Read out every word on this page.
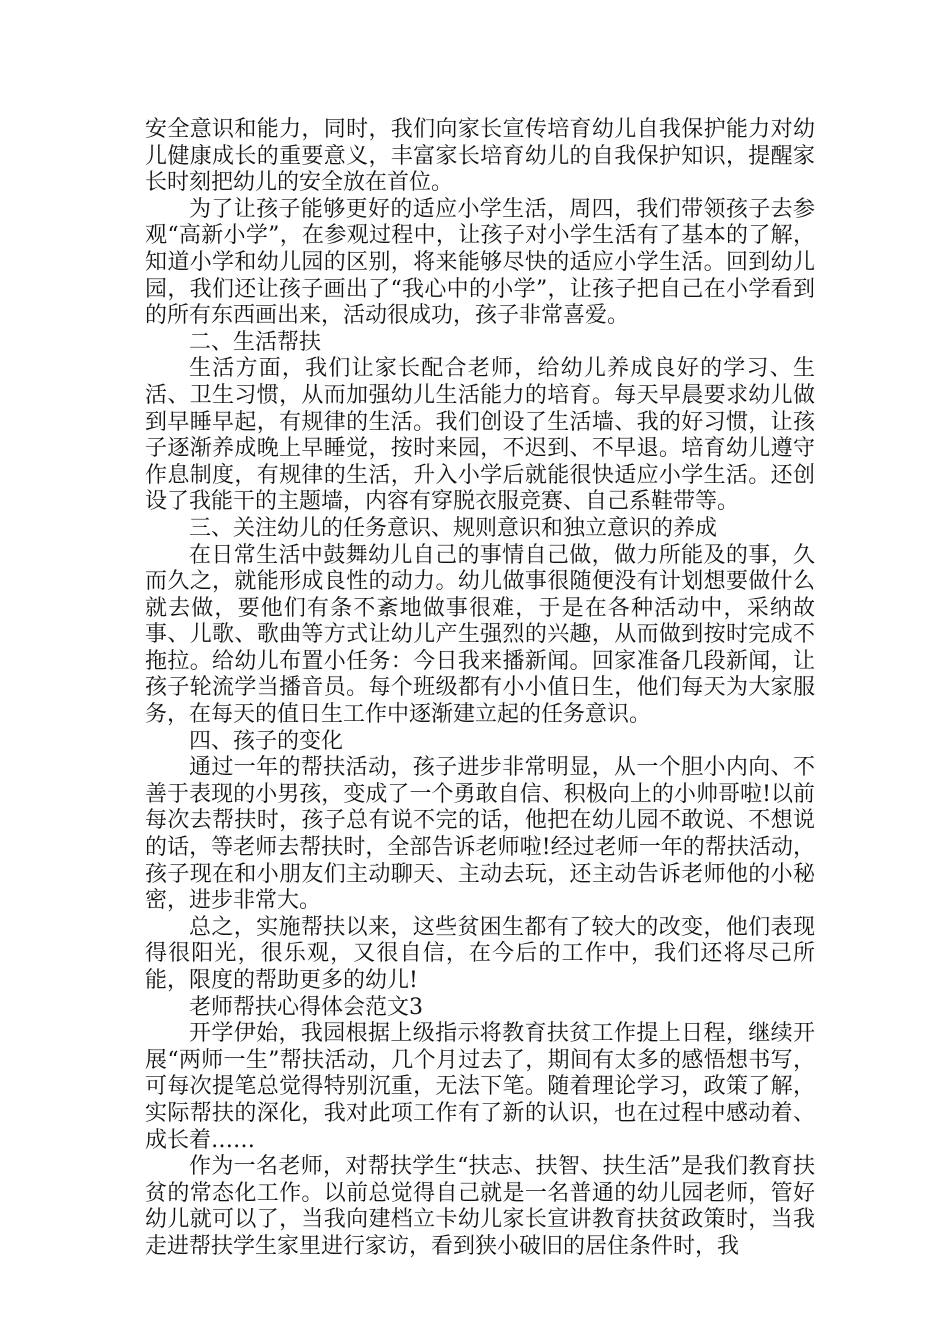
安全意识和能力，同时，我们向家长宣传培育幼儿自我保护能力对幼儿健康成长的重要意义，丰富家长培育幼儿的自我保护知识，提醒家长时刻把幼儿的安全放在首位。

为了让孩子能够更好的适应小学生活，周四，我们带领孩子去参观“高新小学”，在参观过程中，让孩子对小学生活有了基本的了解，知道小学和幼儿园的区别，将来能够尽快的适应小学生活。回到幼儿园，我们还让孩子画出了“我心中的小学”，让孩子把自己在小学看到的所有东西画出来，活动很成功，孩子非常喜爱。

二、生活帮扶

生活方面，我们让家长配合老师，给幼儿养成良好的学习、生活、卫生习惯，从而加强幼儿生活能力的培育。每天早晨要求幼儿做到早睡早起，有规律的生活。我们创设了生活墙、我的好习惯，让孩子逐渐养成晚上早睡觉，按时来园，不迟到、不早退。培育幼儿遵守作息制度，有规律的生活，升入小学后就能很快适应小学生活。还创设了我能干的主题墙，内容有穿脱衣服竞赛、自己系鞋带等。

三、关注幼儿的任务意识、规则意识和独立意识的养成

在日常生活中鼓舞幼儿自己的事情自己做，做力所能及的事，久而久之，就能形成良性的动力。幼儿做事很随便没有计划想要做什么就去做，要他们有条不紊地做事很难，于是在各种活动中，采纳故事、儿歌、歌曲等方式让幼儿产生强烈的兴趣，从而做到按时完成不拖拉。给幼儿布置小任务：今日我来播新闻。回家准备几段新闻，让孩子轮流学当播音员。每个班级都有小小值日生，他们每天为大家服务，在每天的值日生工作中逐渐建立起的任务意识。

四、孩子的变化

通过一年的帮扶活动，孩子进步非常明显，从一个胆小内向、不善于表现的小男孩，变成了一个勇敢自信、积极向上的小帅哥啦!以前每次去帮扶时，孩子总有说不完的话，他把在幼儿园不敢说、不想说的话，等老师去帮扶时，全部告诉老师啦!经过老师一年的帮扶活动，孩子现在和小朋友们主动聊天、主动去玩，还主动告诉老师他的小秘密，进步非常大。

总之，实施帮扶以来，这些贫困生都有了较大的改变，他们表现得很阳光，很乐观，又很自信，在今后的工作中，我们还将尽己所能，限度的帮助更多的幼儿!

老师帮扶心得体会范文3

开学伊始，我园根据上级指示将教育扶贫工作提上日程，继续开展“两师一生”帮扶活动，几个月过去了，期间有太多的感悟想书写，可每次提笔总觉得特别沉重，无法下笔。随着理论学习，政策了解，实际帮扶的深化，我对此项工作有了新的认识，也在过程中感动着、成长着……

作为一名老师，对帮扶学生“扶志、扶智、扶生活”是我们教育扶贫的常态化工作。以前总觉得自己就是一名普通的幼儿园老师，管好幼儿就可以了，当我向建档立卡幼儿家长宣讲教育扶贫政策时，当我走进帮扶学生家里进行家访，看到狭小破旧的居住条件时，我
